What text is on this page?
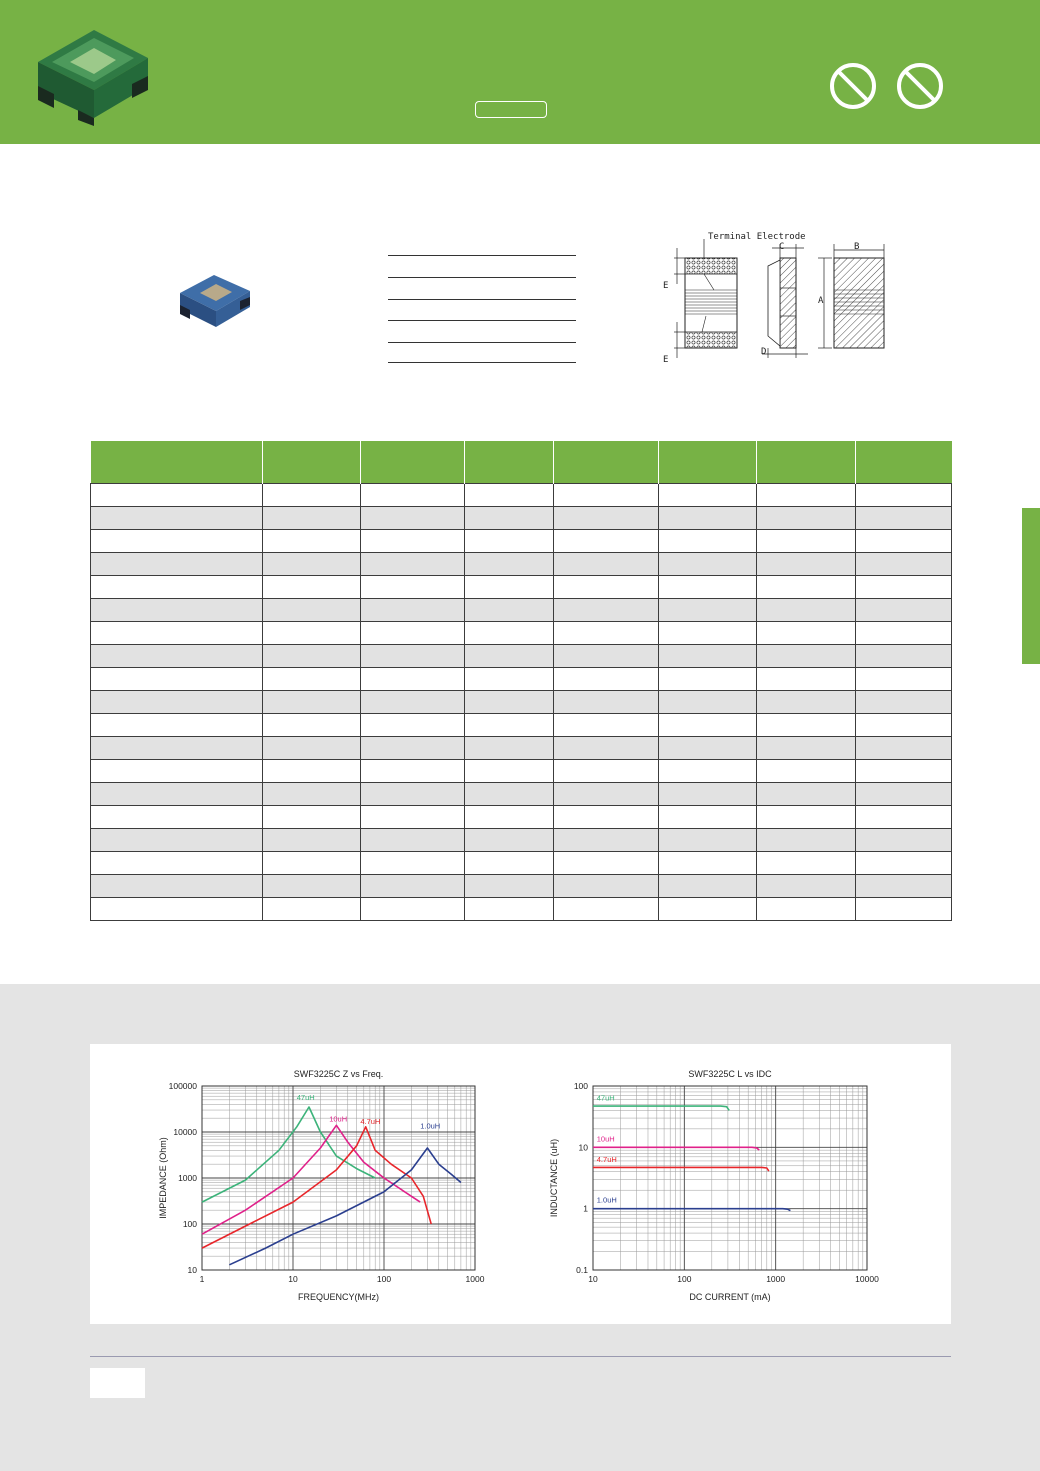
Terminal Electrode
A
B
C
D
E
E

1	10	100	1000
10
100
1000
10000
100000
SWF3225C Z vs Freq.
FREQUENCY(MHz)
IMPEDANCE (Ohm)
47uH
10uH 4.7uH	1.0uH
10	100	1000	10000
0.1
1
10
100
SWF3225C L vs IDC
DC CURRENT (mA)
INDUCTANCE (uH)
47uH
10uH
4.7uH
1.0uH
